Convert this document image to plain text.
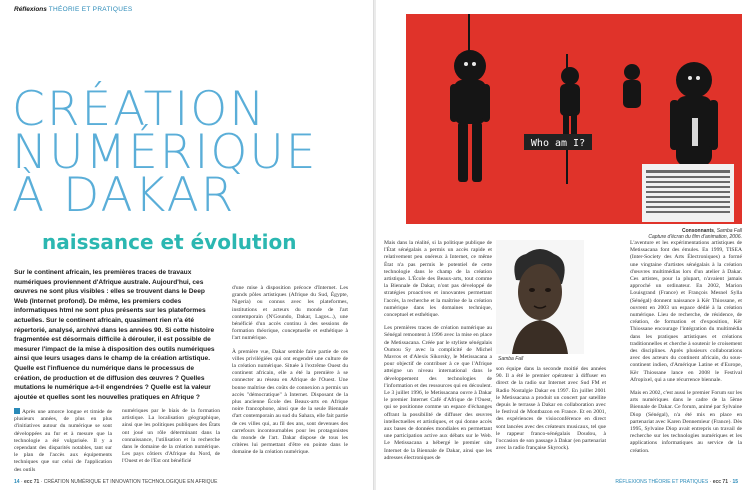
Réflexions THÉORIE ET PRATIQUES
CRÉATION
NUMÉRIQUE
À DAKAR
naissance et évolution
Sur le continent africain, les premières traces de travaux numériques proviennent d'Afrique australe. Aujourd'hui, ces œuvres ne sont plus visibles : elles se trouvent dans le Deep Web (Internet profond). De même, les premiers codes informatiques html ne sont plus présents sur les plateformes actuelles. Sur le continent africain, quasiment rien n'a été répertorié, analysé, archivé dans les années 90. Si cette histoire fragmentée est désormais difficile à dérouler, il est possible de mesurer l'impact de la mise à disposition des outils numériques ainsi que leurs usages dans le champ de la création artistique. Quelle est l'influence du numérique dans le processus de création, de production et de diffusion des œuvres ? Quelles mutations le numérique a-t-il engendrées ? Quelle est la valeur ajoutée et quelles sont les nouvelles pratiques en Afrique ?
Après une amorce longue et timide de plusieurs années, de plus en plus d'initiatives autour du numérique se sont développées au fur et à mesure que la technologie a été vulgarisée. Il y a cependant des disparités notables, tant sur le plan de l'accès aux équipements techniques que sur celui de l'application des outils
numériques par le biais de la formation artistique. La localisation géographique, ainsi que les politiques publiques des États ont joué un rôle déterminant dans la connaissance, l'utilisation et la recherche dans le domaine de la création numérique. Les pays côtiers d'Afrique du Nord, de l'Ouest et de l'Est ont bénéficié

d'une mise à disposition précoce d'Internet. Les grands pôles artistiques (Afrique du Sud, Égypte, Nigeria) ou connus avec les plateformes, institutions et acteurs du monde de l'art contemporain (N'Goundo, Dakar, Lagos...), une bénéficié d'un accès continu à des sessions de formation théorique, conceptuelle et esthétique à l'art numérique.

À première vue, Dakar semble faire partie de ces villes privilégiées qui ont engendré une culture de la création numérique. Située à l'extrême Ouest du continent africain, elle a été la première à se connecter au réseau en Afrique de l'Ouest. Une bonne maîtrise des coûts de connexion a permis un accès "démocratique" à Internet. Disposant de la plus ancienne École des Beaux-arts en Afrique noire francophone, ainsi que de la seule Biennale d'art contemporain au sud du Sahara, elle fait partie de ces villes qui, au fil des ans, sont devenues des carrefours incontournables pour les protagonistes du monde de l'art. Dakar dispose de tous les critères lui permettant d'être en pointe dans le domaine de la création numérique.

14 · ecc 71 · CRÉATION NUMÉRIQUE ET INNOVATION TECHNOLOGIQUE EN AFRIQUE
Who am I?
Consonnants, Samba Fall
Capture d'écran du film d'animation, 2006.

Mais dans la réalité, si la politique publique de l'État sénégalais a permis un accès rapide et relativement peu onéreux à Internet, ce même État n'a pas permis le potentiel de cette technologie dans le champ de la création artistique. L'École des Beaux-arts, tout comme la Biennale de Dakar, n'ont pas développé de stratégies proactives et innovantes permettant l'accès, la recherche et la maîtrise de la création numérique dans les domaines technique, conceptuel et esthétique.

Les premières traces de création numérique au Sénégal remontent à 1996 avec la mise en place de Metissacana. Créée par le styliste sénégalais Oumou Sy avec la complicité de Michel Mavros et d'Alexis Sikorsky, le Metissacana a pour objectif de contribuer à ce que l'Afrique atteigne un niveau international dans le développement des technologies de l'information et des ressources qui en découlent. Le 3 juillet 1996, le Metissacana ouvre à Dakar le premier Internet Café d'Afrique de l'Ouest, qui se positionne comme un espace d'échanges offrant la possibilité de diffuser des œuvres intellectuelles et artistiques, et qui donne accès aux bases de données mondiales en permettant une participation active aux débats sur le Web. Le Metissacana a hébergé le premier site Internet de la Biennale de Dakar, ainsi que les adresses électroniques de

Samba Fall
son équipe dans la seconde moitié des années 90. Il a été le premier opérateur à diffuser en direct de la radio sur Internet avec Sud FM et Radio Nostalgie Dakar en 1997. En juillet 2001 le Metissacana a produit un concert par satellite depuis le terrasse à Dakar en collaboration avec le festival de Montbazon en France. Et en 2001, des expériences de visioconférence en direct sont lancées avec des créateurs musicaux, tel que le rappeur franco-sénégalais Doudou, à l'occasion de son passage à Dakar (en partenariat avec la radio française Skyrock).

L'aventure et les expérimentations artistiques de Metissacana font des émules. En 1999, TISEA (Inter-Society des Arts Électroniques) a formé une vingtaine d'artistes sénégalais à la création d'œuvres multimédias lors d'un atelier à Dakar. Ces artistes, pour la plupart, n'avaient jamais approché un ordinateur. En 2002, Marion Louisgrand (France) et François Mesnel Sylla (Sénégal) donnent naissance à Kër Thiossane, et ouvrent en 2003 un espace dédié à la création numérique. Lieu de recherche, de résidence, de création, de formation et d'exposition, Kër Thiossane encourage l'intégration du multimédia dans les pratiques artistiques et créations traditionnelles et cherche à soutenir le croisement des disciplines. Après plusieurs collaborations avec des acteurs du continent africain, du sous-continent indien, d'Amérique Latine et d'Europe, Kër Thiossane lance en 2008 le Festival Afropixel, qui a une récurrence biennale.

Mais en 2002, c'est aussi le premier Forum sur les arts numériques dans le cadre de la 5ème Biennale de Dakar. Ce forum, animé par Sylvaine Diop (Sénégal), n'a été mis en place en partenariat avec Karen Dennemieur (France). Dès 1995, Sylvaine Diop avait entrepris un travail de recherche sur les technologies numériques et les applications informatiques au service de la création.

RÉFLEXIONS THÉORIE ET PRATIQUES · ecc 71 · 15
